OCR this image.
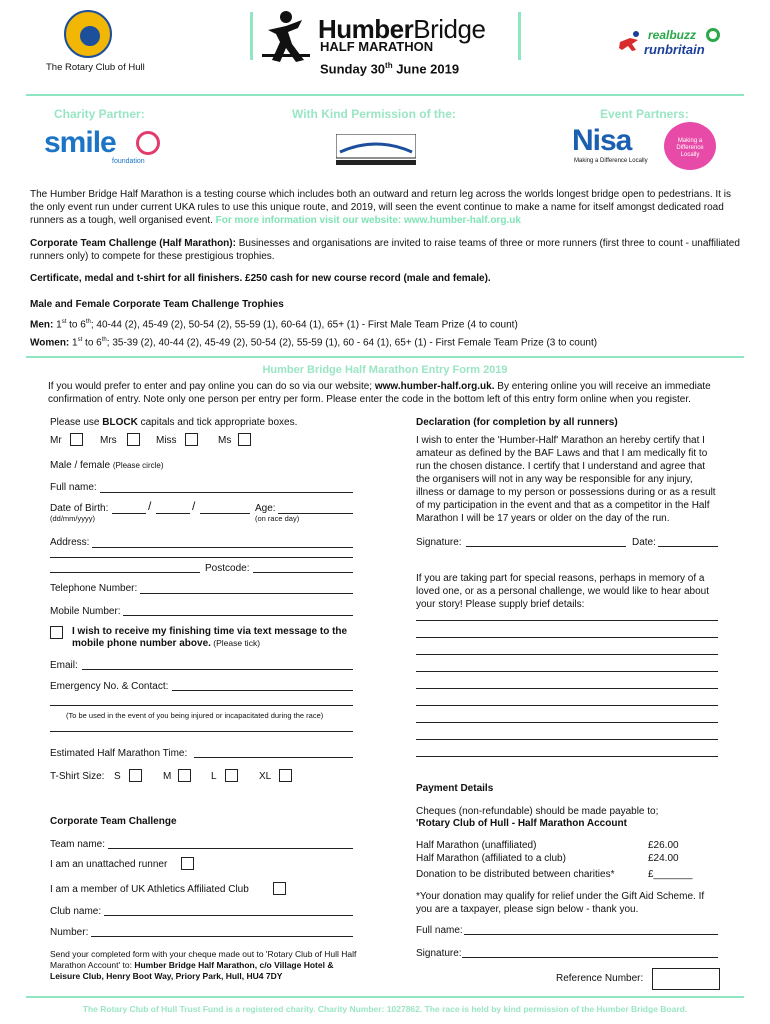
The Rotary Club of Hull
HumberBridge
HALF MARATHON
Sunday 30th June 2019
realbuzz
runbritain
Charity Partner:
smile
foundation
With Kind Permission of the:	Event Partners:
Nisa
Making a Difference Locally
Making a Difference Locally
The Humber Bridge Half Marathon is a testing course which includes both an outward and return leg across the worlds longest bridge open to pedestrians. It is the only event run under current UKA rules to use this unique route, and 2019, will seen the event continue to make a name for itself amongst dedicated road runners as a tough, well organised event. For more information visit our website: www.humber-half.org.uk
Corporate Team Challenge (Half Marathon): Businesses and organisations are invited to raise teams of three or more runners (first three to count - unaffiliated runners only) to compete for these prestigious trophies.
Certificate, medal and t-shirt for all finishers. £250 cash for new course record (male and female).
Male and Female Corporate Team Challenge Trophies
Men: 1st to 6th; 40-44 (2), 45-49 (2), 50-54 (2), 55-59 (1), 60-64 (1), 65+ (1) - First Male Team Prize (4 to count)
Women: 1st to 6th; 35-39 (2), 40-44 (2), 45-49 (2), 50-54 (2), 55-59 (1), 60 - 64 (1), 65+ (1) - First Female Team Prize (3 to count)
Humber Bridge Half Marathon Entry Form 2019
If you would prefer to enter and pay online you can do so via our website; www.humber-half.org.uk. By entering online you will receive an immediate confirmation of entry. Note only one person per entry per form. Please enter the code in the bottom left of this entry form online when you register.
Please use BLOCK capitals and tick appropriate boxes.
Mr	Mrs	Miss	Ms
Male / female (Please circle)
Full name:
Date of Birth:	/	/
(dd/mm/yyyy)
Age:
(on race day)
Address:
Postcode:
Telephone Number:
Mobile Number:
I wish to receive my finishing time via text message to the
mobile phone number above. (Please tick)
Email:
Emergency No. & Contact:
(To be used in the event of you being injured or incapacitated during the race)
Estimated Half Marathon Time:
T-Shirt Size: S	M	L	XL
Corporate Team Challenge
Team name:
I am an unattached runner
I am a member of UK Athletics Affiliated Club
Club name:
Number:
Send your completed form with your cheque made out to 'Rotary Club of Hull Half Marathon Account' to: Humber Bridge Half Marathon, c/o Village Hotel & Leisure Club, Henry Boot Way, Priory Park, Hull, HU4 7DY
Declaration (for completion by all runners)
I wish to enter the 'Humber-Half' Marathon an hereby certify that I amateur as defined by the BAF Laws and that I am medically fit to run the chosen distance. I certify that I understand and agree that the organisers will not in any way be responsible for any injury, illness or damage to my person or possessions during or as a result of my participation in the event and that as a competitor in the Half Marathon I will be 17 years or older on the day of the run.
Signature:	Date:
If you are taking part for special reasons, perhaps in memory of a loved one, or as a personal challenge, we would like to hear about your story! Please supply brief details:
Payment Details
Cheques (non-refundable) should be made payable to;
'Rotary Club of Hull - Half Marathon Account
Half Marathon (unaffiliated)	£26.00
Half Marathon (affiliated to a club)	£24.00
Donation to be distributed between charities*	£_______
*Your donation may qualify for relief under the Gift Aid Scheme. If you are a taxpayer, please sign below - thank you.
Full name:
Signature:
Reference Number:
The Rotary Club of Hull Trust Fund is a registered charity. Charity Number: 1027862. The race is held by kind permission of the Humber Bridge Board.
